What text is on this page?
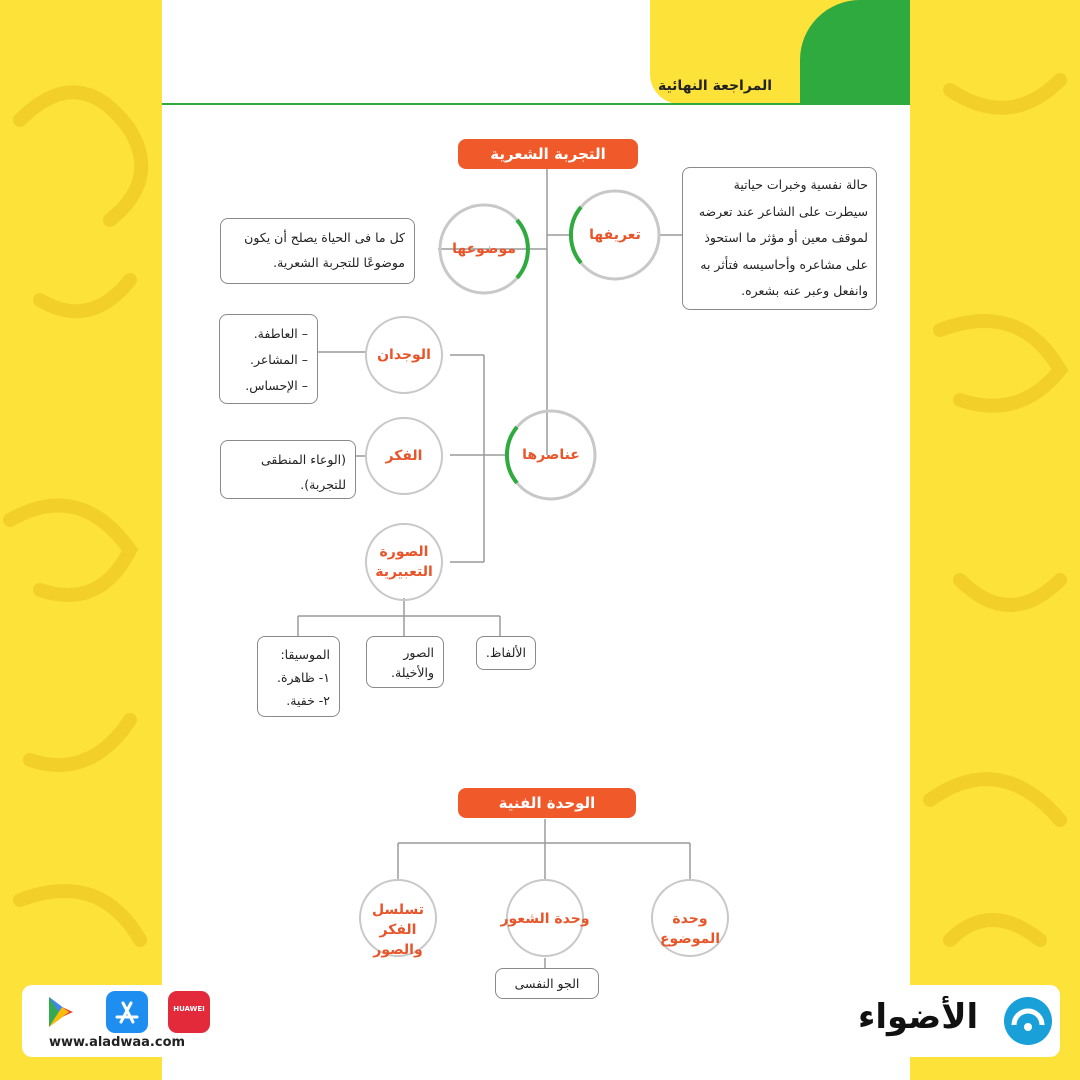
المراجعة النهائية
التجربة الشعرية
تعريفها
حالة نفسية وخبرات حياتية
سيطرت على الشاعر عند تعرضه
لموقف معين أو مؤثر ما استحوذ
على مشاعره وأحاسيسه فتأثر به
وانفعل وعبر عنه بشعره.
موضوعها
كل ما فى الحياة يصلح أن يكون
موضوعًا للتجربة الشعرية.
عناصرها
الوجدان
– العاطفة.
– المشاعر.
– الإحساس.
الفكر
(الوعاء المنطقى
للتجربة).
الصورة التعبيرية
الألفاظ.
الصور
والأخيلة.
الموسيقا:
١- ظاهرة.
٢- خفية.
الوحدة الفنية
وحدة الموضوع
وحدة الشعور
تسلسل الفكر والصور
الجو النفسى
HUAWEI
www.aladwaa.com
الأضواء
